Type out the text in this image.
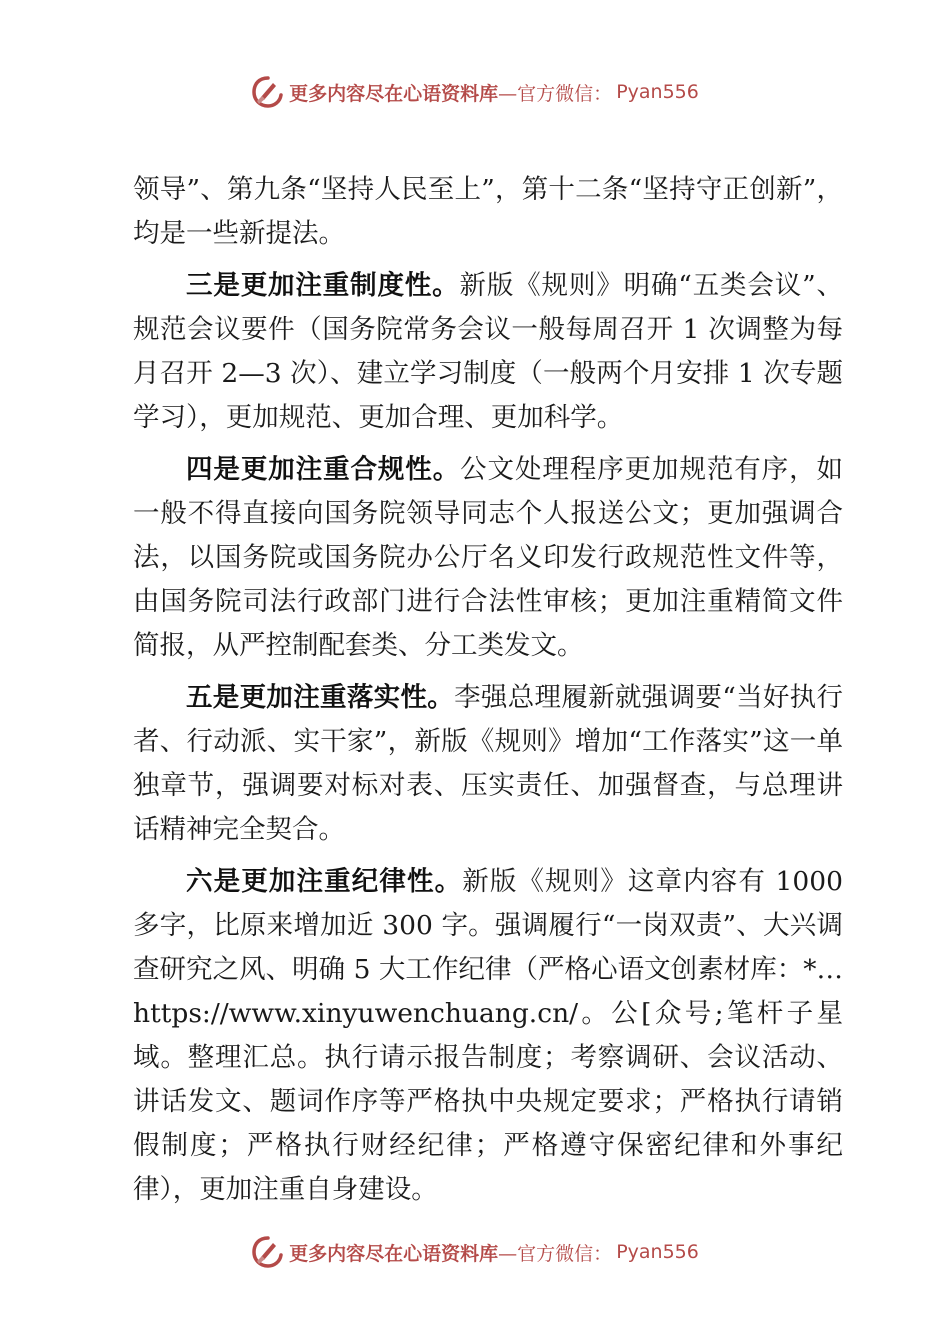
更多内容尽在心语资料库—官方微信： Pyan556

领导”、第九条“坚持人民至上”，第十二条“坚持守正创新”，均是一些新提法。

三是更加注重制度性。新版《规则》明确“五类会议”、规范会议要件（国务院常务会议一般每周召开 1 次调整为每月召开 2—3 次）、建立学习制度（一般两个月安排 1 次专题学习），更加规范、更加合理、更加科学。

四是更加注重合规性。公文处理程序更加规范有序，如一般不得直接向国务院领导同志个人报送公文；更加强调合法，以国务院或国务院办公厅名义印发行政规范性文件等，由国务院司法行政部门进行合法性审核；更加注重精简文件简报，从严控制配套类、分工类发文。

五是更加注重落实性。李强总理履新就强调要“当好执行者、行动派、实干家”，新版《规则》增加“工作落实”这一单独章节，强调要对标对表、压实责任、加强督查，与总理讲话精神完全契合。

六是更加注重纪律性。新版《规则》这章内容有 1000 多字，比原来增加近 300 字。强调履行“一岗双责”、大兴调查研究之风、明确 5 大工作纪律（严格心语文创素材库：*…https://www.xinyuwenchuang.cn/。公[众号;笔杆子星域。整理汇总。执行请示报告制度；考察调研、会议活动、讲话发文、题词作序等严格执中央规定要求；严格执行请销假制度；严格执行财经纪律；严格遵守保密纪律和外事纪律），更加注重自身建设。

更多内容尽在心语资料库—官方微信： Pyan556
